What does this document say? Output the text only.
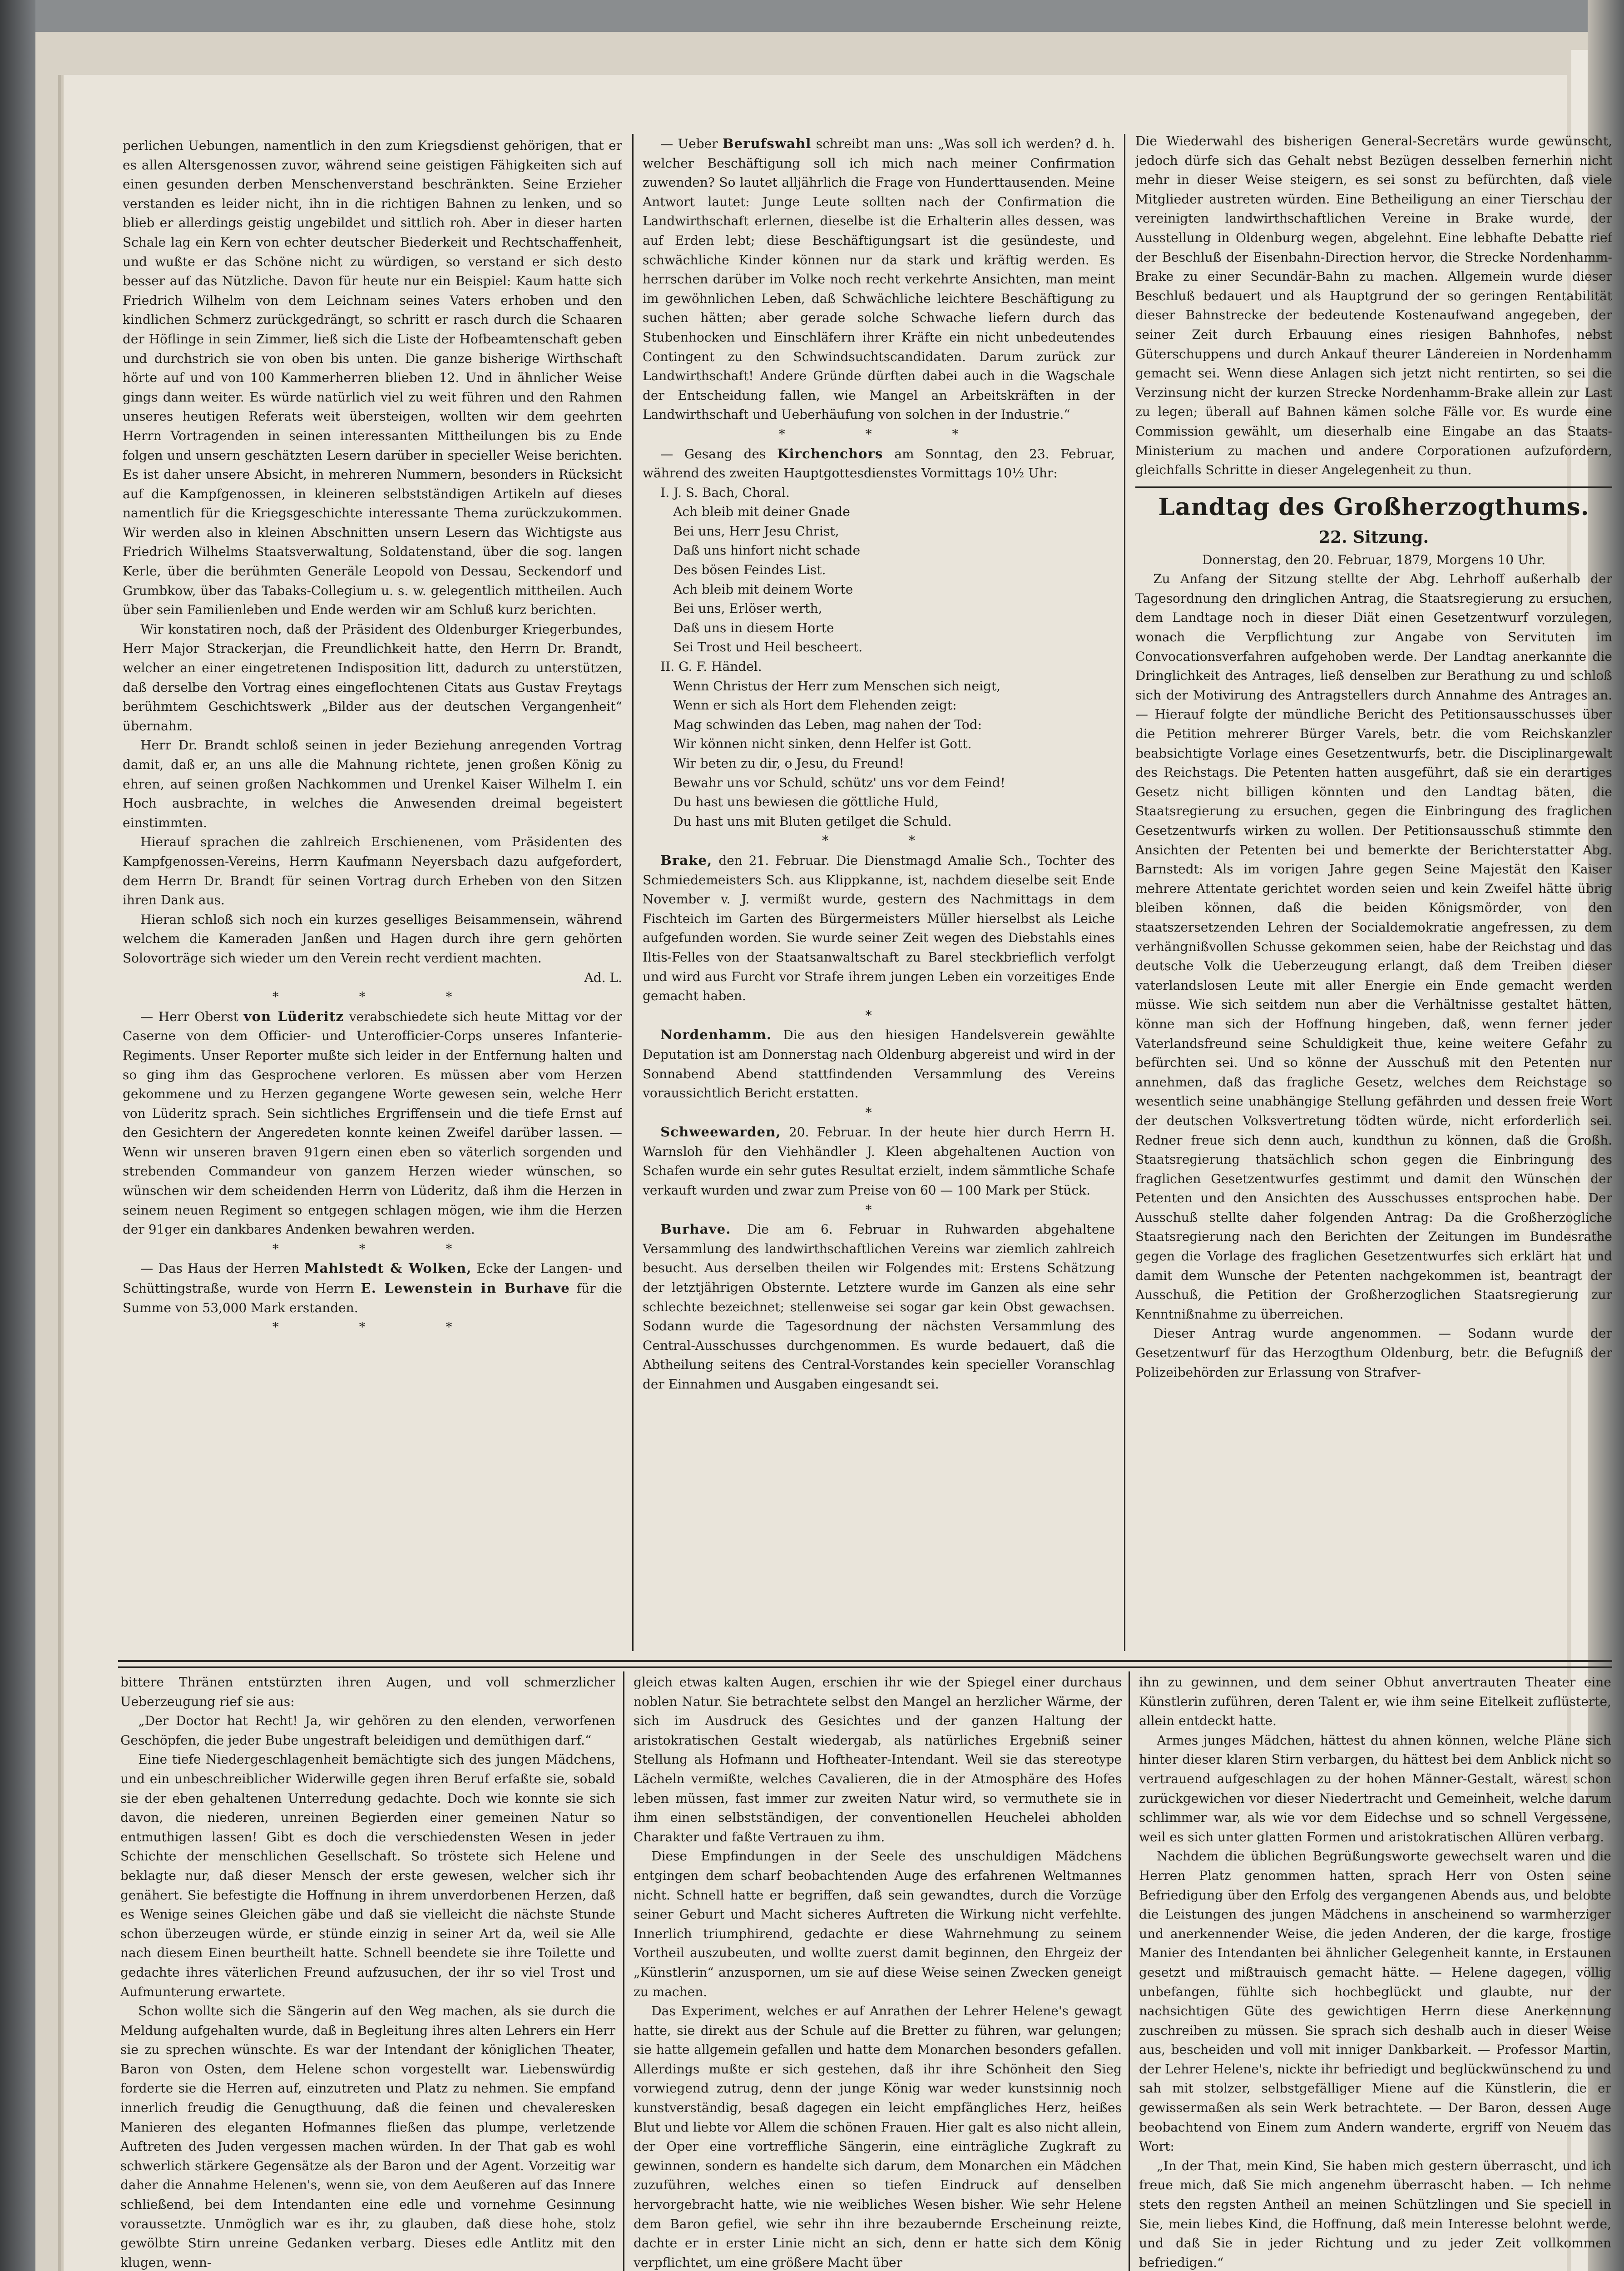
perlichen Uebungen, namentlich in den zum Kriegsdienst gehörigen, that er es allen Altersgenossen zuvor, während seine geistigen Fähigkeiten sich auf einen gesunden derben Menschenverstand beschränkten. Seine Erzieher verstanden es leider nicht, ihn in die richtigen Bahnen zu lenken, und so blieb er allerdings geistig ungebildet und sittlich roh. Aber in dieser harten Schale lag ein Kern von echter deutscher Biederkeit und Rechtschaffenheit, und wußte er das Schöne nicht zu würdigen, so verstand er sich desto besser auf das Nützliche. Davon für heute nur ein Beispiel: Kaum hatte sich Friedrich Wilhelm von dem Leichnam seines Vaters erhoben und den kindlichen Schmerz zurückgedrängt, so schritt er rasch durch die Schaaren der Höflinge in sein Zimmer, ließ sich die Liste der Hofbeamtenschaft geben und durchstrich sie von oben bis unten. Die ganze bisherige Wirthschaft hörte auf und von 100 Kammerherren blieben 12. Und in ähnlicher Weise gings dann weiter. Es würde natürlich viel zu weit führen und den Rahmen unseres heutigen Referats weit übersteigen, wollten wir dem geehrten Herrn Vortragenden in seinen interessanten Mittheilungen bis zu Ende folgen und unsern geschätzten Lesern darüber in specieller Weise berichten. Es ist daher unsere Absicht, in mehreren Nummern, besonders in Rücksicht auf die Kampfgenossen, in kleineren selbstständigen Artikeln auf dieses namentlich für die Kriegsgeschichte interessante Thema zurückzukommen. Wir werden also in kleinen Abschnitten unsern Lesern das Wichtigste aus Friedrich Wilhelms Staatsverwaltung, Soldatenstand, über die sog. langen Kerle, über die berühmten Generäle Leopold von Dessau, Seckendorf und Grumbkow, über das Tabaks-Collegium u. s. w. gelegentlich mittheilen. Auch über sein Familienleben und Ende werden wir am Schluß kurz berichten.

Wir konstatiren noch, daß der Präsident des Oldenburger Kriegerbundes, Herr Major Strackerjan, die Freundlichkeit hatte, den Herrn Dr. Brandt, welcher an einer eingetretenen Indisposition litt, dadurch zu unterstützen, daß derselbe den Vortrag eines eingeflochtenen Citats aus Gustav Freytags berühmtem Geschichtswerk „Bilder aus der deutschen Vergangenheit“ übernahm.

Herr Dr. Brandt schloß seinen in jeder Beziehung anregenden Vortrag damit, daß er, an uns alle die Mahnung richtete, jenen großen König zu ehren, auf seinen großen Nachkommen und Urenkel Kaiser Wilhelm I. ein Hoch ausbrachte, in welches die Anwesenden dreimal begeistert einstimmten.

Hierauf sprachen die zahlreich Erschienenen, vom Präsidenten des Kampfgenossen-Vereins, Herrn Kaufmann Neyersbach dazu aufgefordert, dem Herrn Dr. Brandt für seinen Vortrag durch Erheben von den Sitzen ihren Dank aus.

Hieran schloß sich noch ein kurzes geselliges Beisammensein, während welchem die Kameraden Janßen und Hagen durch ihre gern gehörten Solovorträge sich wieder um den Verein recht verdient machten.

Ad. L.

* * *

— Herr Oberst von Lüderitz verabschiedete sich heute Mittag vor der Caserne von dem Officier- und Unterofficier-Corps unseres Infanterie-Regiments. Unser Reporter mußte sich leider in der Entfernung halten und so ging ihm das Gesprochene verloren. Es müssen aber vom Herzen gekommene und zu Herzen gegangene Worte gewesen sein, welche Herr von Lüderitz sprach. Sein sichtliches Ergriffensein und die tiefe Ernst auf den Gesichtern der Angeredeten konnte keinen Zweifel darüber lassen. — Wenn wir unseren braven 91gern einen eben so väterlich sorgenden und strebenden Commandeur von ganzem Herzen wieder wünschen, so wünschen wir dem scheidenden Herrn von Lüderitz, daß ihm die Herzen in seinem neuen Regiment so entgegen schlagen mögen, wie ihm die Herzen der 91ger ein dankbares Andenken bewahren werden.

* * *

— Das Haus der Herren Mahlstedt & Wolken, Ecke der Langen- und Schüttingstraße, wurde von Herrn E. Lewenstein in Burhave für die Summe von 53,000 Mark erstanden.

* * *

— Ueber Berufswahl schreibt man uns: „Was soll ich werden? d. h. welcher Beschäftigung soll ich mich nach meiner Confirmation zuwenden? So lautet alljährlich die Frage von Hunderttausenden. Meine Antwort lautet: Junge Leute sollten nach der Confirmation die Landwirthschaft erlernen, dieselbe ist die Erhalterin alles dessen, was auf Erden lebt; diese Beschäftigungsart ist die gesündeste, und schwächliche Kinder können nur da stark und kräftig werden. Es herrschen darüber im Volke noch recht verkehrte Ansichten, man meint im gewöhnlichen Leben, daß Schwächliche leichtere Beschäftigung zu suchen hätten; aber gerade solche Schwache liefern durch das Stubenhocken und Einschläfern ihrer Kräfte ein nicht unbedeutendes Contingent zu den Schwindsuchtscandidaten. Darum zurück zur Landwirthschaft! Andere Gründe dürften dabei auch in die Wagschale der Entscheidung fallen, wie Mangel an Arbeitskräften in der Landwirthschaft und Ueberhäufung von solchen in der Industrie.“

* * *

— Gesang des Kirchenchors am Sonntag, den 23. Februar, während des zweiten Hauptgottesdienstes Vormittags 10½ Uhr:

I. J. S. Bach, Choral.

Ach bleib mit deiner Gnade

Bei uns, Herr Jesu Christ,

Daß uns hinfort nicht schade

Des bösen Feindes List.

Ach bleib mit deinem Worte

Bei uns, Erlöser werth,

Daß uns in diesem Horte

Sei Trost und Heil bescheert.

II. G. F. Händel.

Wenn Christus der Herr zum Menschen sich neigt,

Wenn er sich als Hort dem Flehenden zeigt:

Mag schwinden das Leben, mag nahen der Tod:

Wir können nicht sinken, denn Helfer ist Gott.

Wir beten zu dir, o Jesu, du Freund!

Bewahr uns vor Schuld, schütz' uns vor dem Feind!

Du hast uns bewiesen die göttliche Huld,

Du hast uns mit Bluten getilget die Schuld.

* *

Brake, den 21. Februar. Die Dienstmagd Amalie Sch., Tochter des Schmiedemeisters Sch. aus Klippkanne, ist, nachdem dieselbe seit Ende November v. J. vermißt wurde, gestern des Nachmittags in dem Fischteich im Garten des Bürgermeisters Müller hierselbst als Leiche aufgefunden worden. Sie wurde seiner Zeit wegen des Diebstahls eines Iltis-Felles von der Staatsanwaltschaft zu Barel steckbrieflich verfolgt und wird aus Furcht vor Strafe ihrem jungen Leben ein vorzeitiges Ende gemacht haben.

*

Nordenhamm. Die aus den hiesigen Handelsverein gewählte Deputation ist am Donnerstag nach Oldenburg abgereist und wird in der Sonnabend Abend stattfindenden Versammlung des Vereins voraussichtlich Bericht erstatten.

*

Schweewarden, 20. Februar. In der heute hier durch Herrn H. Warnsloh für den Viehhändler J. Kleen abgehaltenen Auction von Schafen wurde ein sehr gutes Resultat erzielt, indem sämmtliche Schafe verkauft wurden und zwar zum Preise von 60 — 100 Mark per Stück.

*

Burhave. Die am 6. Februar in Ruhwarden abgehaltene Versammlung des landwirthschaftlichen Vereins war ziemlich zahlreich besucht. Aus derselben theilen wir Folgendes mit: Erstens Schätzung der letztjährigen Obsternte. Letztere wurde im Ganzen als eine sehr schlechte bezeichnet; stellenweise sei sogar gar kein Obst gewachsen. Sodann wurde die Tagesordnung der nächsten Versammlung des Central-Ausschusses durchgenommen. Es wurde bedauert, daß die Abtheilung seitens des Central-Vorstandes kein specieller Voranschlag der Einnahmen und Ausgaben eingesandt sei.

Die Wiederwahl des bisherigen General-Secretärs wurde gewünscht, jedoch dürfe sich das Gehalt nebst Bezügen desselben fernerhin nicht mehr in dieser Weise steigern, es sei sonst zu befürchten, daß viele Mitglieder austreten würden. Eine Betheiligung an einer Tierschau der vereinigten landwirthschaftlichen Vereine in Brake wurde, der Ausstellung in Oldenburg wegen, abgelehnt. Eine lebhafte Debatte rief der Beschluß der Eisenbahn-Direction hervor, die Strecke Nordenhamm-Brake zu einer Secundär-Bahn zu machen. Allgemein wurde dieser Beschluß bedauert und als Hauptgrund der so geringen Rentabilität dieser Bahnstrecke der bedeutende Kostenaufwand angegeben, der seiner Zeit durch Erbauung eines riesigen Bahnhofes, nebst Güterschuppens und durch Ankauf theurer Ländereien in Nordenhamm gemacht sei. Wenn diese Anlagen sich jetzt nicht rentirten, so sei die Verzinsung nicht der kurzen Strecke Nordenhamm-Brake allein zur Last zu legen; überall auf Bahnen kämen solche Fälle vor. Es wurde eine Commission gewählt, um dieserhalb eine Eingabe an das Staats-Ministerium zu machen und andere Corporationen aufzufordern, gleichfalls Schritte in dieser Angelegenheit zu thun.

Landtag des Großherzogthums.
22. Sitzung.

Donnerstag, den 20. Februar, 1879, Morgens 10 Uhr.

Zu Anfang der Sitzung stellte der Abg. Lehrhoff außerhalb der Tagesordnung den dringlichen Antrag, die Staatsregierung zu ersuchen, dem Landtage noch in dieser Diät einen Gesetzentwurf vorzulegen, wonach die Verpflichtung zur Angabe von Servituten im Convocationsverfahren aufgehoben werde. Der Landtag anerkannte die Dringlichkeit des Antrages, ließ denselben zur Berathung zu und schloß sich der Motivirung des Antragstellers durch Annahme des Antrages an. — Hierauf folgte der mündliche Bericht des Petitionsausschusses über die Petition mehrerer Bürger Varels, betr. die vom Reichskanzler beabsichtigte Vorlage eines Gesetzentwurfs, betr. die Disciplinargewalt des Reichstags. Die Petenten hatten ausgeführt, daß sie ein derartiges Gesetz nicht billigen könnten und den Landtag bäten, die Staatsregierung zu ersuchen, gegen die Einbringung des fraglichen Gesetzentwurfs wirken zu wollen. Der Petitionsausschuß stimmte den Ansichten der Petenten bei und bemerkte der Berichterstatter Abg. Barnstedt: Als im vorigen Jahre gegen Seine Majestät den Kaiser mehrere Attentate gerichtet worden seien und kein Zweifel hätte übrig bleiben können, daß die beiden Königsmörder, von den staatszersetzenden Lehren der Socialdemokratie angefressen, zu dem verhängnißvollen Schusse gekommen seien, habe der Reichstag und das deutsche Volk die Ueberzeugung erlangt, daß dem Treiben dieser vaterlandslosen Leute mit aller Energie ein Ende gemacht werden müsse. Wie sich seitdem nun aber die Verhältnisse gestaltet hätten, könne man sich der Hoffnung hingeben, daß, wenn ferner jeder Vaterlandsfreund seine Schuldigkeit thue, keine weitere Gefahr zu befürchten sei. Und so könne der Ausschuß mit den Petenten nur annehmen, daß das fragliche Gesetz, welches dem Reichstage so wesentlich seine unabhängige Stellung gefährden und dessen freie Wort der deutschen Volksvertretung tödten würde, nicht erforderlich sei. Redner freue sich denn auch, kundthun zu können, daß die Großh. Staatsregierung thatsächlich schon gegen die Einbringung des fraglichen Gesetzentwurfes gestimmt und damit den Wünschen der Petenten und den Ansichten des Ausschusses entsprochen habe. Der Ausschuß stellte daher folgenden Antrag: Da die Großherzogliche Staatsregierung nach den Berichten der Zeitungen im Bundesrathe gegen die Vorlage des fraglichen Gesetzentwurfes sich erklärt hat und damit dem Wunsche der Petenten nachgekommen ist, beantragt der Ausschuß, die Petition der Großherzoglichen Staatsregierung zur Kenntnißnahme zu überreichen.

Dieser Antrag wurde angenommen. — Sodann wurde der Gesetzentwurf für das Herzogthum Oldenburg, betr. die Befugniß der Polizeibehörden zur Erlassung von Strafver-

bittere Thränen entstürzten ihren Augen, und voll schmerzlicher Ueberzeugung rief sie aus:

„Der Doctor hat Recht! Ja, wir gehören zu den elenden, verworfenen Geschöpfen, die jeder Bube ungestraft beleidigen und demüthigen darf.“

Eine tiefe Niedergeschlagenheit bemächtigte sich des jungen Mädchens, und ein unbeschreiblicher Widerwille gegen ihren Beruf erfaßte sie, sobald sie der eben gehaltenen Unterredung gedachte. Doch wie konnte sie sich davon, die niederen, unreinen Begierden einer gemeinen Natur so entmuthigen lassen! Gibt es doch die verschiedensten Wesen in jeder Schichte der menschlichen Gesellschaft. So tröstete sich Helene und beklagte nur, daß dieser Mensch der erste gewesen, welcher sich ihr genähert. Sie befestigte die Hoffnung in ihrem unverdorbenen Herzen, daß es Wenige seines Gleichen gäbe und daß sie vielleicht die nächste Stunde schon überzeugen würde, er stünde einzig in seiner Art da, weil sie Alle nach diesem Einen beurtheilt hatte. Schnell beendete sie ihre Toilette und gedachte ihres väterlichen Freund aufzusuchen, der ihr so viel Trost und Aufmunterung erwartete.

Schon wollte sich die Sängerin auf den Weg machen, als sie durch die Meldung aufgehalten wurde, daß in Begleitung ihres alten Lehrers ein Herr sie zu sprechen wünschte. Es war der Intendant der königlichen Theater, Baron von Osten, dem Helene schon vorgestellt war. Liebenswürdig forderte sie die Herren auf, einzutreten und Platz zu nehmen. Sie empfand innerlich freudig die Genugthuung, daß die feinen und chevaleresken Manieren des eleganten Hofmannes fließen das plumpe, verletzende Auftreten des Juden vergessen machen würden. In der That gab es wohl schwerlich stärkere Gegensätze als der Baron und der Agent. Vorzeitig war daher die Annahme Helenen's, wenn sie, von dem Aeußeren auf das Innere schließend, bei dem Intendanten eine edle und vornehme Gesinnung voraussetzte. Unmöglich war es ihr, zu glauben, daß diese hohe, stolz gewölbte Stirn unreine Gedanken verbarg. Dieses edle Antlitz mit den klugen, wenn-

gleich etwas kalten Augen, erschien ihr wie der Spiegel einer durchaus noblen Natur. Sie betrachtete selbst den Mangel an herzlicher Wärme, der sich im Ausdruck des Gesichtes und der ganzen Haltung der aristokratischen Gestalt wiedergab, als natürliches Ergebniß seiner Stellung als Hofmann und Hoftheater-Intendant. Weil sie das stereotype Lächeln vermißte, welches Cavalieren, die in der Atmosphäre des Hofes leben müssen, fast immer zur zweiten Natur wird, so vermuthete sie in ihm einen selbstständigen, der conventionellen Heuchelei abholden Charakter und faßte Vertrauen zu ihm.

Diese Empfindungen in der Seele des unschuldigen Mädchens entgingen dem scharf beobachtenden Auge des erfahrenen Weltmannes nicht. Schnell hatte er begriffen, daß sein gewandtes, durch die Vorzüge seiner Geburt und Macht sicheres Auftreten die Wirkung nicht verfehlte. Innerlich triumphirend, gedachte er diese Wahrnehmung zu seinem Vortheil auszubeuten, und wollte zuerst damit beginnen, den Ehrgeiz der „Künstlerin“ anzuspornen, um sie auf diese Weise seinen Zwecken geneigt zu machen.

Das Experiment, welches er auf Anrathen der Lehrer Helene's gewagt hatte, sie direkt aus der Schule auf die Bretter zu führen, war gelungen; sie hatte allgemein gefallen und hatte dem Monarchen besonders gefallen. Allerdings mußte er sich gestehen, daß ihr ihre Schönheit den Sieg vorwiegend zutrug, denn der junge König war weder kunstsinnig noch kunstverständig, besaß dagegen ein leicht empfängliches Herz, heißes Blut und liebte vor Allem die schönen Frauen. Hier galt es also nicht allein, der Oper eine vortreffliche Sängerin, eine einträgliche Zugkraft zu gewinnen, sondern es handelte sich darum, dem Monarchen ein Mädchen zuzuführen, welches einen so tiefen Eindruck auf denselben hervorgebracht hatte, wie nie weibliches Wesen bisher. Wie sehr Helene dem Baron gefiel, wie sehr ihn ihre bezaubernde Erscheinung reizte, dachte er in erster Linie nicht an sich, denn er hatte sich dem König verpflichtet, um eine größere Macht über

ihn zu gewinnen, und dem seiner Obhut anvertrauten Theater eine Künstlerin zuführen, deren Talent er, wie ihm seine Eitelkeit zuflüsterte, allein entdeckt hatte.

Armes junges Mädchen, hättest du ahnen können, welche Pläne sich hinter dieser klaren Stirn verbargen, du hättest bei dem Anblick nicht so vertrauend aufgeschlagen zu der hohen Männer-Gestalt, wärest schon zurückgewichen vor dieser Niedertracht und Gemeinheit, welche darum schlimmer war, als wie vor dem Eidechse und so schnell Vergessene, weil es sich unter glatten Formen und aristokratischen Allüren verbarg.

Nachdem die üblichen Begrüßungsworte gewechselt waren und die Herren Platz genommen hatten, sprach Herr von Osten seine Befriedigung über den Erfolg des vergangenen Abends aus, und belobte die Leistungen des jungen Mädchens in anscheinend so warmherziger und anerkennender Weise, die jeden Anderen, der die karge, frostige Manier des Intendanten bei ähnlicher Gelegenheit kannte, in Erstaunen gesetzt und mißtrauisch gemacht hätte. — Helene dagegen, völlig unbefangen, fühlte sich hochbeglückt und glaubte, nur der nachsichtigen Güte des gewichtigen Herrn diese Anerkennung zuschreiben zu müssen. Sie sprach sich deshalb auch in dieser Weise aus, bescheiden und voll mit inniger Dankbarkeit. — Professor Martin, der Lehrer Helene's, nickte ihr befriedigt und beglückwünschend zu und sah mit stolzer, selbstgefälliger Miene auf die Künstlerin, die er gewissermaßen als sein Werk betrachtete. — Der Baron, dessen Auge beobachtend von Einem zum Andern wanderte, ergriff von Neuem das Wort:

„In der That, mein Kind, Sie haben mich gestern überrascht, und ich freue mich, daß Sie mich angenehm überrascht haben. — Ich nehme stets den regsten Antheil an meinen Schützlingen und Sie speciell in Sie, mein liebes Kind, die Hoffnung, daß mein Interesse belohnt werde, und daß Sie in jeder Richtung und zu jeder Zeit vollkommen befriedigen.“
